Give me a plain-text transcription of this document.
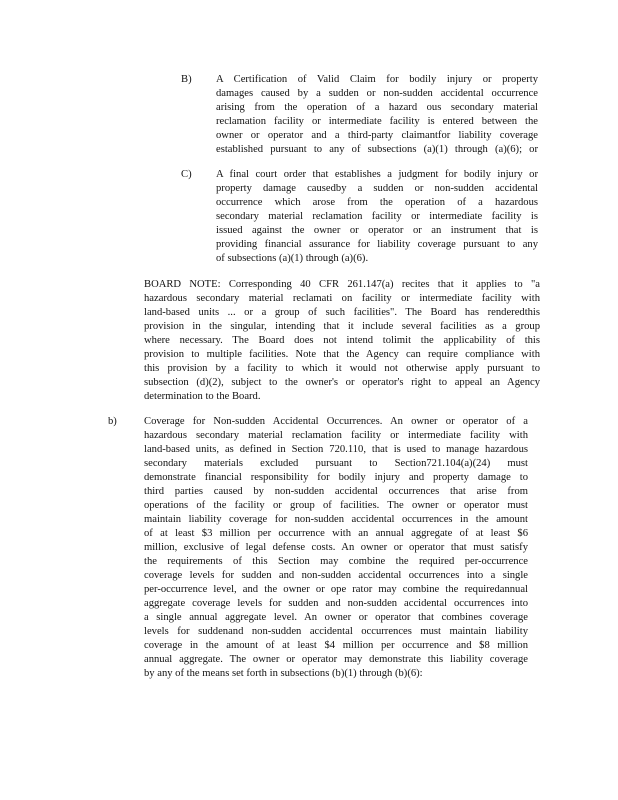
B) A Certification of Valid Claim for bodily injury or property
damages caused by a sudden or non-sudden accidental occurrence
arising from the operation of a hazard ous secondary material
reclamation facility or intermediate facility is entered between the
owner or operator and a third-party claimantfor liability coverage
established pursuant to any of subsections (a)(1) through (a)(6); or
C) A final court order that establishes a judgment for bodily injury or
property damage causedby a sudden or non-sudden accidental
occurrence which arose from the operation of a hazardous
secondary material reclamation facility or intermediate facility is
issued against the owner or operator or an instrument that is
providing financial assurance for liability coverage pursuant to any
of subsections (a)(1) through (a)(6).
BOARD NOTE: Corresponding 40 CFR 261.147(a) recites that it applies to "a
hazardous secondary material reclamati on facility or intermediate facility with
land-based units ... or a group of such facilities". The Board has renderedthis
provision in the singular, intending that it include several facilities as a group
where necessary. The Board does not intend tolimit the applicability of this
provision to multiple facilities. Note that the Agency can require compliance with
this provision by a facility to which it would not otherwise apply pursuant to
subsection (d)(2), subject to the owner's or operator's right to appeal an Agency
determination to the Board.
b)	Coverage for Non-sudden Accidental Occurrences. An owner or operator of a
hazardous secondary material reclamation facility or intermediate facility with
land-based units, as defined in Section 720.110, that is used to manage hazardous
secondary materials excluded pursuant to Section721.104(a)(24) must
demonstrate financial responsibility for bodily injury and property damage to
third parties caused by non-sudden accidental occurrences that arise from
operations of the facility or group of facilities. The owner or operator must
maintain liability coverage for non-sudden accidental occurrences in the amount
of at least $3 million per occurrence with an annual aggregate of at least $6
million, exclusive of legal defense costs. An owner or operator that must satisfy
the requirements of this Section may combine the required per-occurrence
coverage levels for sudden and non-sudden accidental occurrences into a single
per-occurrence level, and the owner or ope rator may combine the requiredannual
aggregate coverage levels for sudden and non-sudden accidental occurrences into
a single annual aggregate level. An owner or operator that combines coverage
levels for suddenand non-sudden accidental occurrences must maintain liability
coverage in the amount of at least $4 million per occurrence and $8 million
annual aggregate. The owner or operator may demonstrate this liability coverage
by any of the means set forth in subsections (b)(1) through (b)(6):
